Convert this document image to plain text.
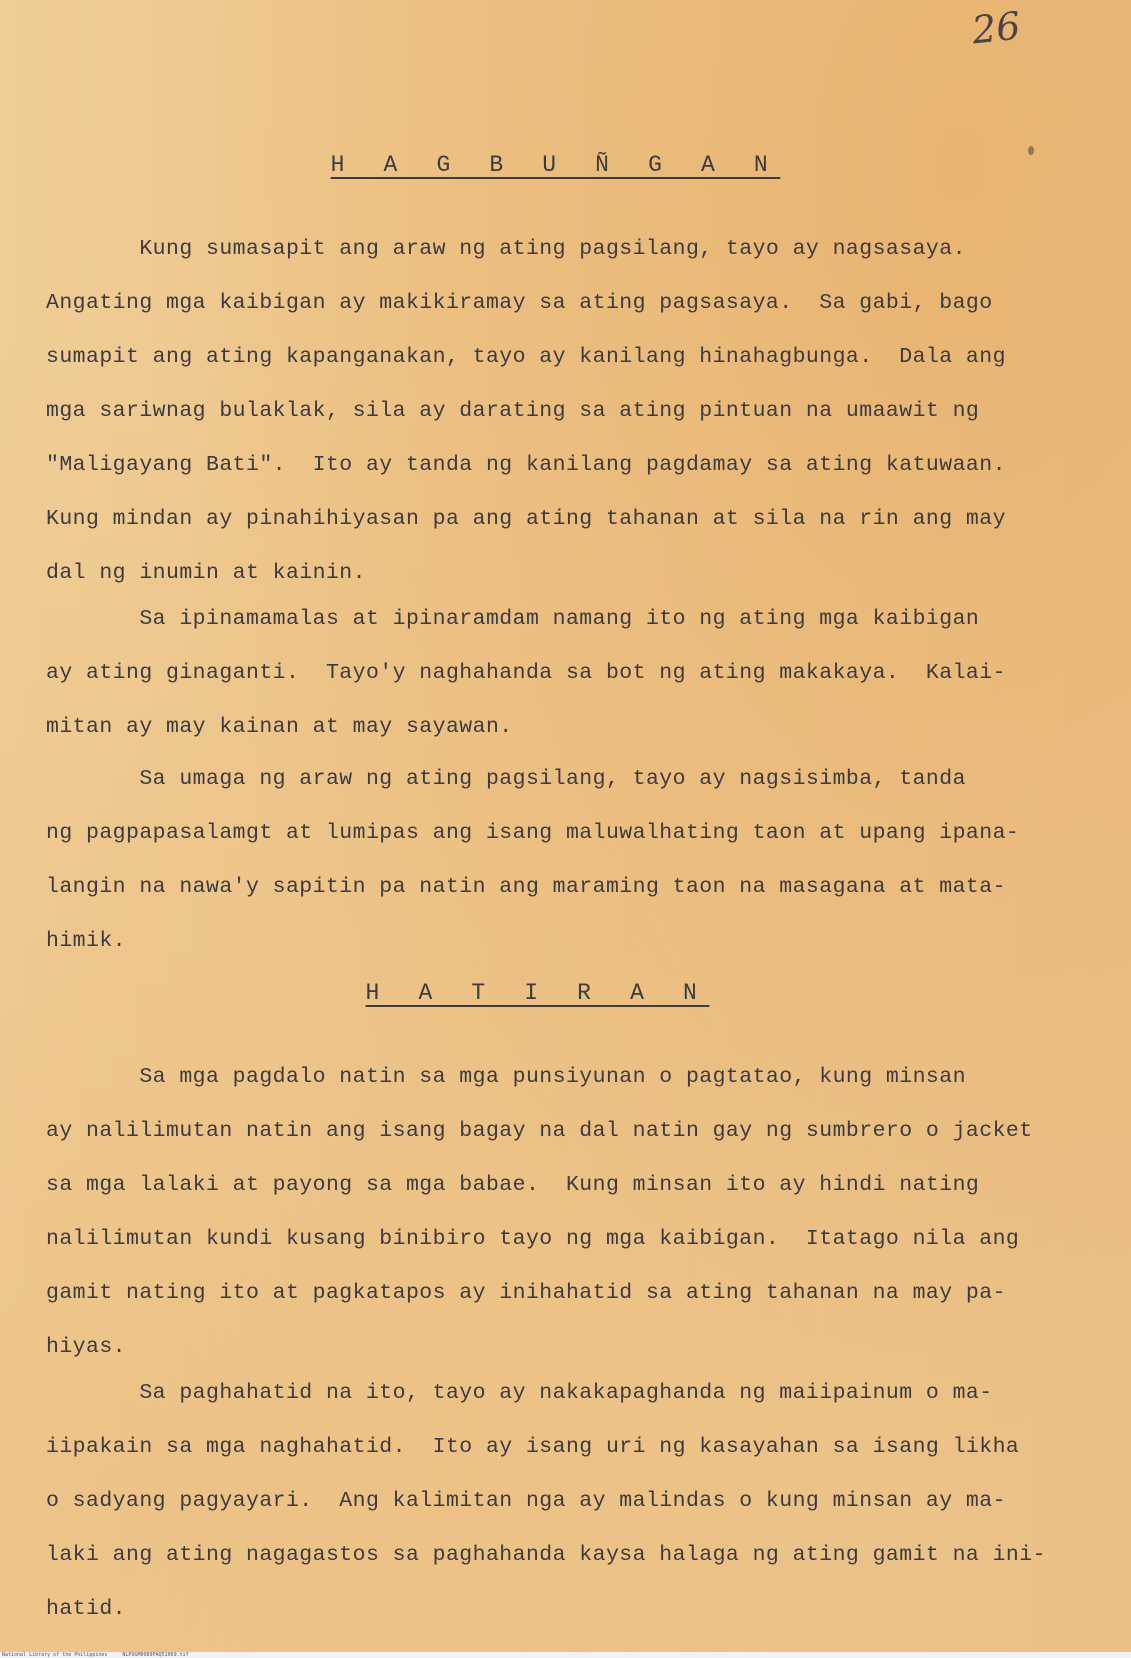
26
H A G B U Ñ G A N
Kung sumasapit ang araw ng ating pagsilang, tayo ay nagsasaya.
Angating mga kaibigan ay makikiramay sa ating pagsasaya.  Sa gabi, bago
sumapit ang ating kapanganakan, tayo ay kanilang hinahagbunga.  Dala ang
mga sariwnag bulaklak, sila ay darating sa ating pintuan na umaawit ng
"Maligayang Bati".  Ito ay tanda ng kanilang pagdamay sa ating katuwaan.
Kung mindan ay pinahihiyasan pa ang ating tahanan at sila na rin ang may
dal ng inumin at kainin.
Sa ipinamamalas at ipinaramdam namang ito ng ating mga kaibigan
ay ating ginaganti.  Tayo'y naghahanda sa bot ng ating makakaya.  Kalai-
mitan ay may kainan at may sayawan.
Sa umaga ng araw ng ating pagsilang, tayo ay nagsisimba, tanda
ng pagpapasalamgt at lumipas ang isang maluwalhating taon at upang ipana-
langin na nawa'y sapitin pa natin ang maraming taon na masagana at mata-
himik.
H A T I R A N
Sa mga pagdalo natin sa mga punsiyunan o pagtatao, kung minsan
ay nalilimutan natin ang isang bagay na dal natin gay ng sumbrero o jacket
sa mga lalaki at payong sa mga babae.  Kung minsan ito ay hindi nating
nalilimutan kundi kusang binibiro tayo ng mga kaibigan.  Itatago nila ang
gamit nating ito at pagkatapos ay inihahatid sa ating tahanan na may pa-
hiyas.
Sa paghahatid na ito, tayo ay nakakapaghanda ng maiipainum o ma-
iipakain sa mga naghahatid.  Ito ay isang uri ng kasayahan sa isang likha
o sadyang pagyayari.  Ang kalimitan nga ay malindas o kung minsan ay ma-
laki ang ating nagagastos sa paghahanda kaysa halaga ng ating gamit na ini-
hatid.
National Library of the Philippines     NLPOGM0089PAQ51069.tif
